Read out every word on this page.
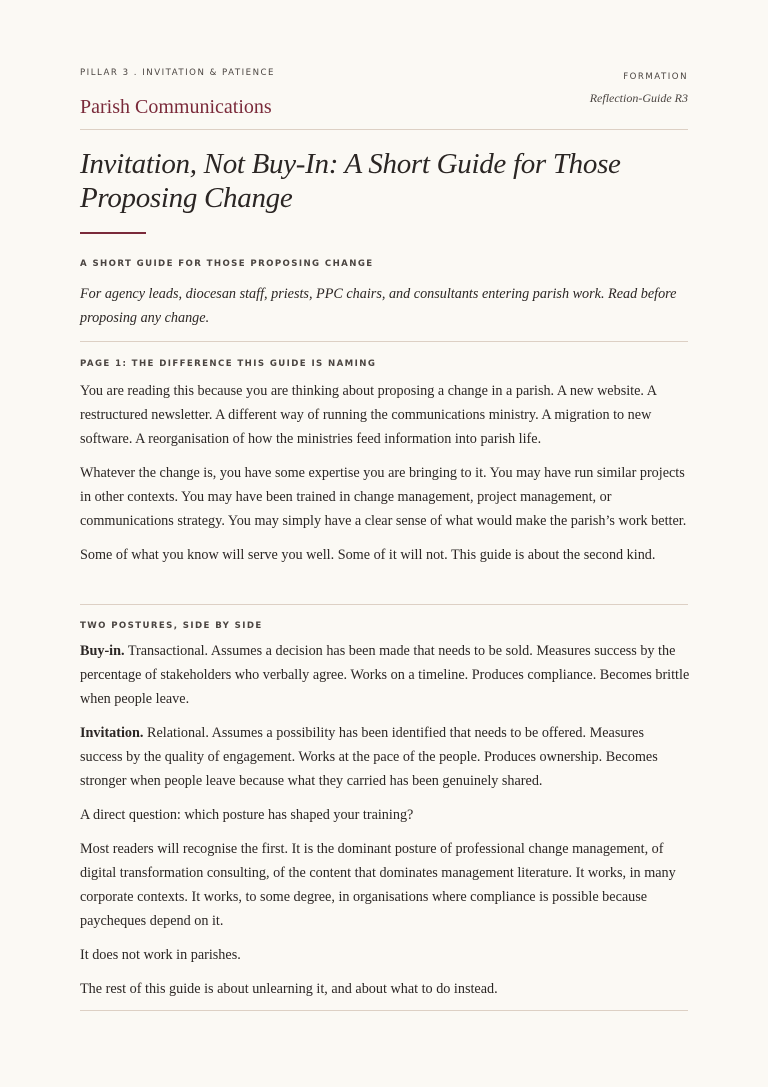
PILLAR 3 . INVITATION & PATIENCE
Parish Communications
FORMATION
Reflection-Guide R3
Invitation, Not Buy-In: A Short Guide for Those Proposing Change

A SHORT GUIDE FOR THOSE PROPOSING CHANGE

For agency leads, diocesan staff, priests, PPC chairs, and consultants entering parish work. Read before proposing any change.

PAGE 1: THE DIFFERENCE THIS GUIDE IS NAMING

You are reading this because you are thinking about proposing a change in a parish. A new website. A restructured newsletter. A different way of running the communications ministry. A migration to new software. A reorganisation of how the ministries feed information into parish life.

Whatever the change is, you have some expertise you are bringing to it. You may have run similar projects in other contexts. You may have been trained in change management, project management, or communications strategy. You may simply have a clear sense of what would make the parish’s work better.

Some of what you know will serve you well. Some of it will not. This guide is about the second kind.

TWO POSTURES, SIDE BY SIDE

Buy-in. Transactional. Assumes a decision has been made that needs to be sold. Measures success by the percentage of stakeholders who verbally agree. Works on a timeline. Produces compliance. Becomes brittle when people leave.

Invitation. Relational. Assumes a possibility has been identified that needs to be offered. Measures success by the quality of engagement. Works at the pace of the people. Produces ownership. Becomes stronger when people leave because what they carried has been genuinely shared.

A direct question: which posture has shaped your training?

Most readers will recognise the first. It is the dominant posture of professional change management, of digital transformation consulting, of the content that dominates management literature. It works, in many corporate contexts. It works, to some degree, in organisations where compliance is possible because paycheques depend on it.

It does not work in parishes.

The rest of this guide is about unlearning it, and about what to do instead.
